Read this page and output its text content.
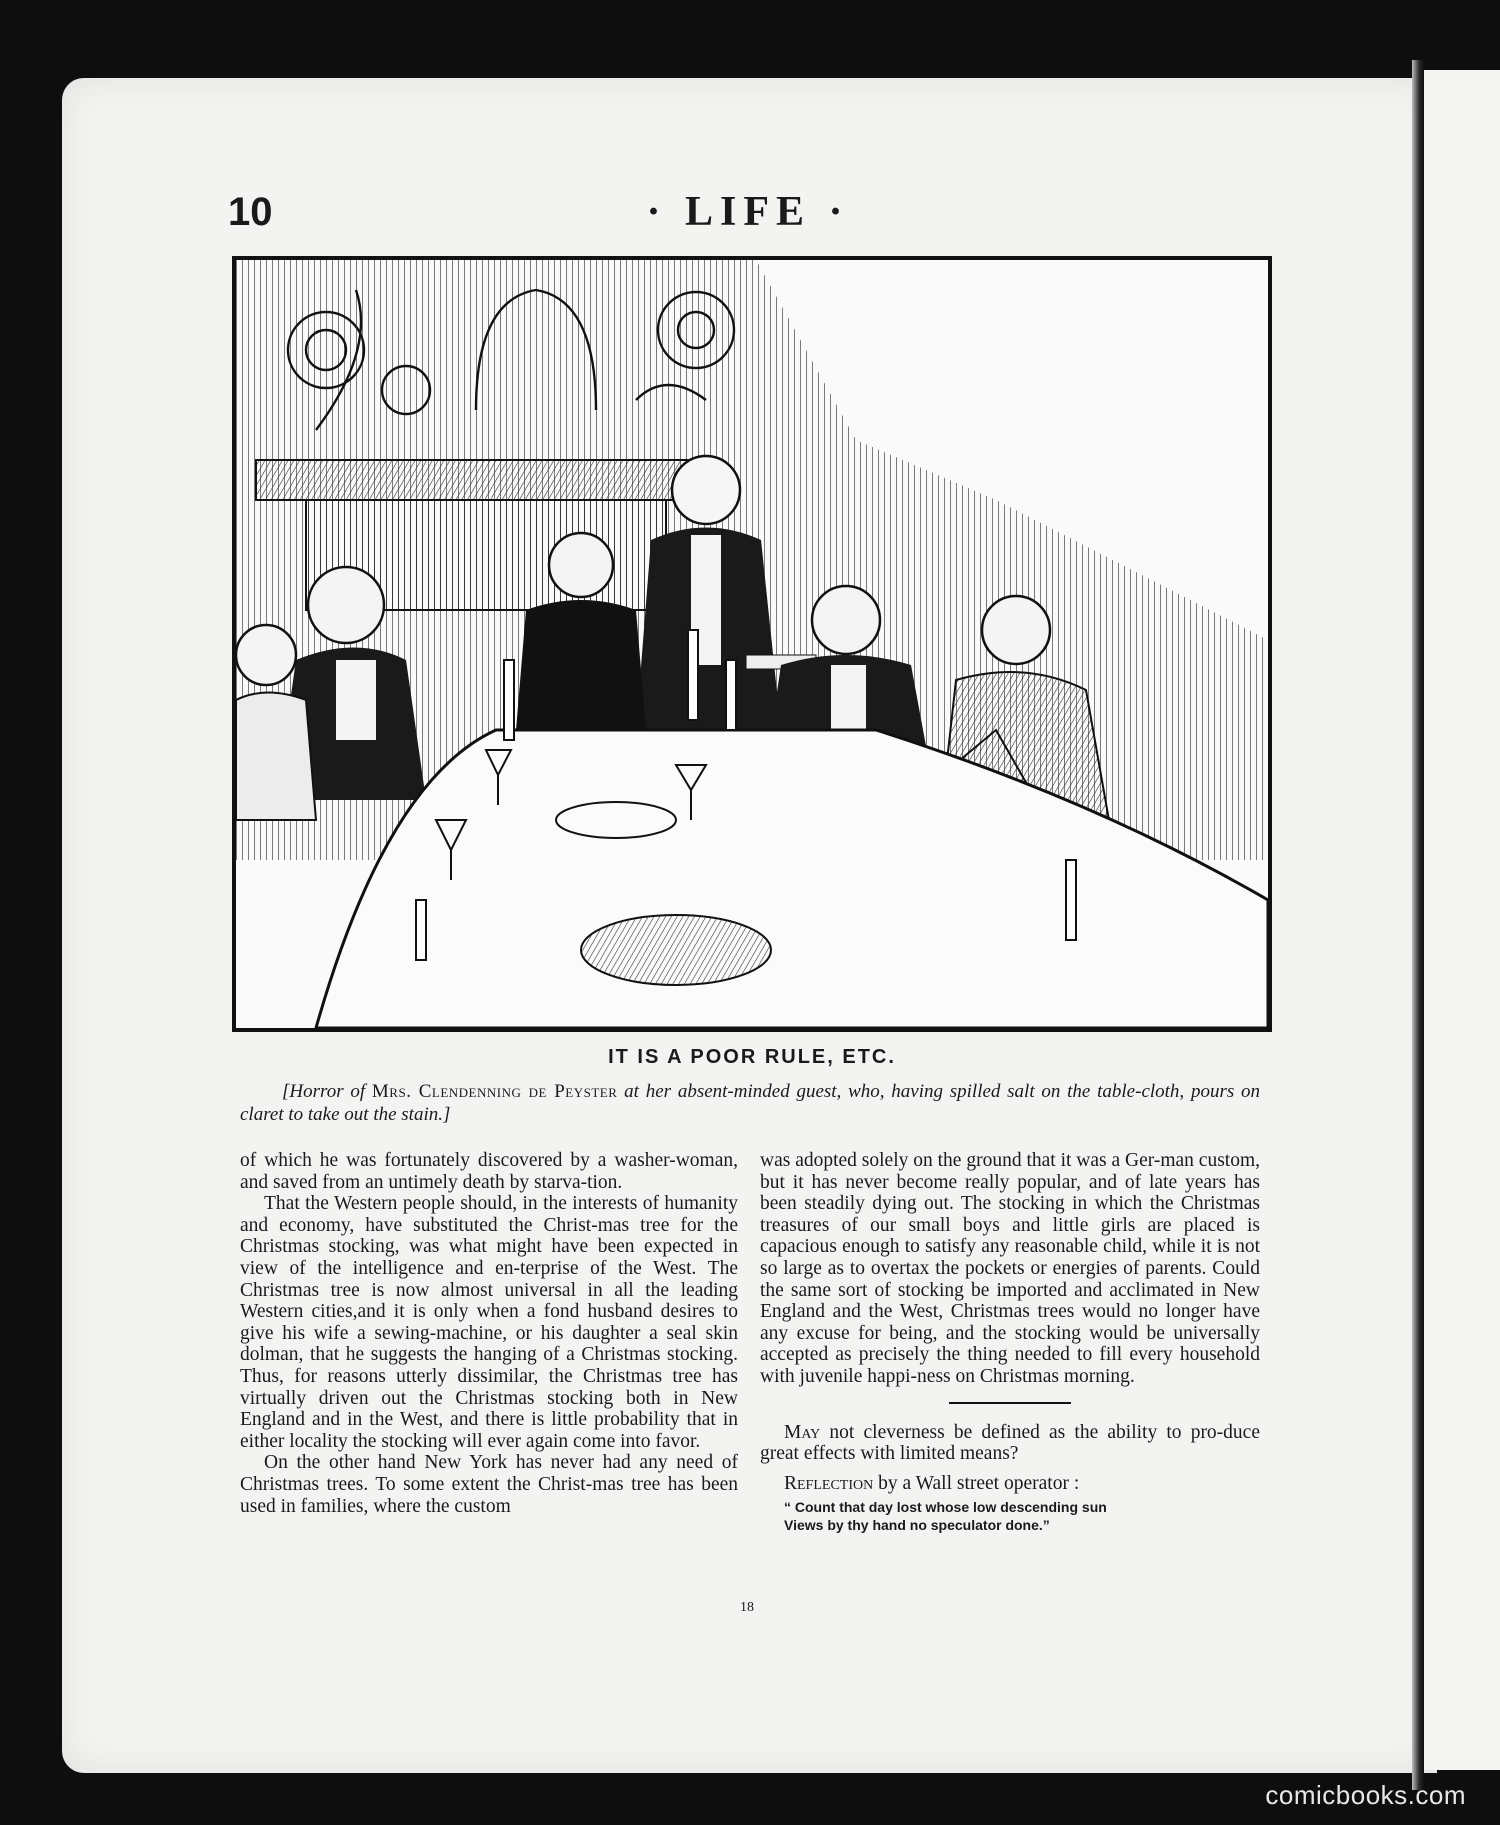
10	· LIFE ·
IT IS A POOR RULE, ETC.
[Horror of Mrs. Clendenning de Peyster at her absent-minded guest, who, having spilled salt on the table-cloth, pours on claret to take out the stain.]

of which he was fortunately discovered by a washer-woman, and saved from an untimely death by starva-tion.

That the Western people should, in the interests of humanity and economy, have substituted the Christ-mas tree for the Christmas stocking, was what might have been expected in view of the intelligence and en-terprise of the West. The Christmas tree is now almost universal in all the leading Western cities,and it is only when a fond husband desires to give his wife a sewing-machine, or his daughter a seal skin dolman, that he suggests the hanging of a Christmas stocking. Thus, for reasons utterly dissimilar, the Christmas tree has virtually driven out the Christmas stocking both in New England and in the West, and there is little probability that in either locality the stocking will ever again come into favor.

On the other hand New York has never had any need of Christmas trees. To some extent the Christ-mas tree has been used in families, where the custom

was adopted solely on the ground that it was a Ger-man custom, but it has never become really popular, and of late years has been steadily dying out. The stocking in which the Christmas treasures of our small boys and little girls are placed is capacious enough to satisfy any reasonable child, while it is not so large as to overtax the pockets or energies of parents. Could the same sort of stocking be imported and acclimated in New England and the West, Christmas trees would no longer have any excuse for being, and the stocking would be universally accepted as precisely the thing needed to fill every household with juvenile happi-ness on Christmas morning.

May not cleverness be defined as the ability to pro-duce great effects with limited means?

Reflection by a Wall street operator :

“ Count that day lost whose low descending sun
Views by thy hand no speculator done.”
18
comicbooks.com
